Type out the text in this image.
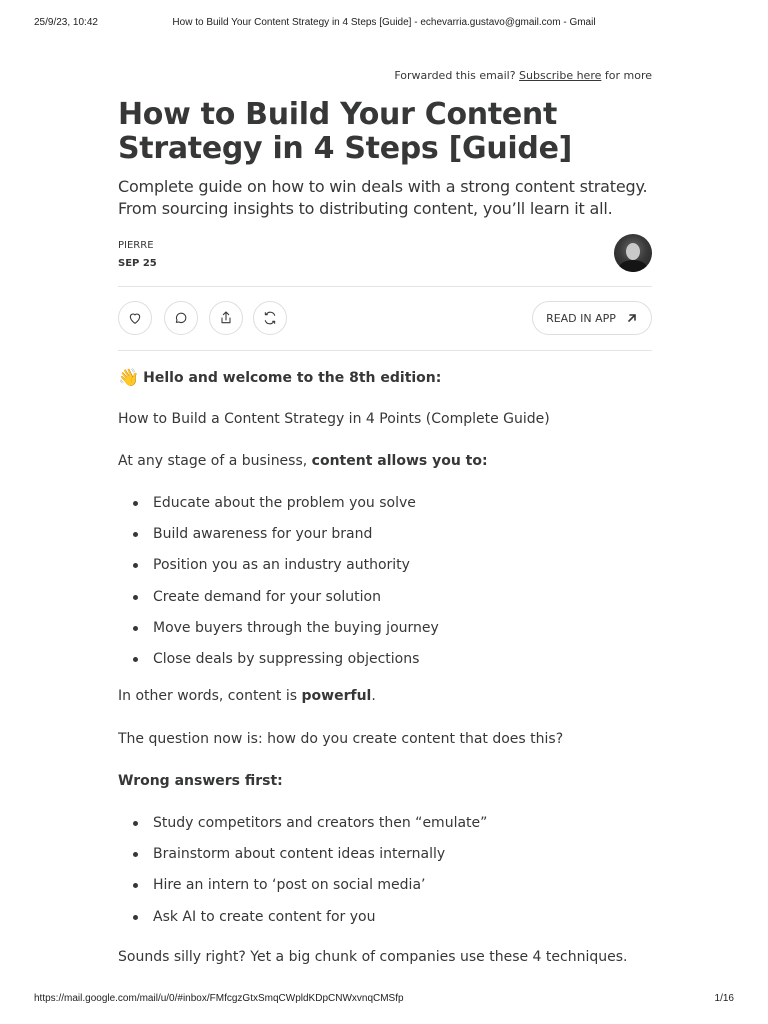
25/9/23, 10:42	How to Build Your Content Strategy in 4 Steps [Guide] - echevarria.gustavo@gmail.com - Gmail
Forwarded this email? Subscribe here for more
How to Build Your Content Strategy in 4 Steps [Guide]

Complete guide on how to win deals with a strong content strategy. From sourcing insights to distributing content, you’ll learn it all.

PIERRE
SEP 25
READ IN APP

👋 Hello and welcome to the 8th edition:

How to Build a Content Strategy in 4 Points (Complete Guide)

At any stage of a business, content allows you to:

Educate about the problem you solve
Build awareness for your brand
Position you as an industry authority
Create demand for your solution
Move buyers through the buying journey
Close deals by suppressing objections

In other words, content is powerful.

The question now is: how do you create content that does this?

Wrong answers first:

Study competitors and creators then “emulate”
Brainstorm about content ideas internally
Hire an intern to ‘post on social media’
Ask AI to create content for you

Sounds silly right? Yet a big chunk of companies use these 4 techniques.

https://mail.google.com/mail/u/0/#inbox/FMfcgzGtxSmqCWpldKDpCNWxvnqCMSfp	1/16
